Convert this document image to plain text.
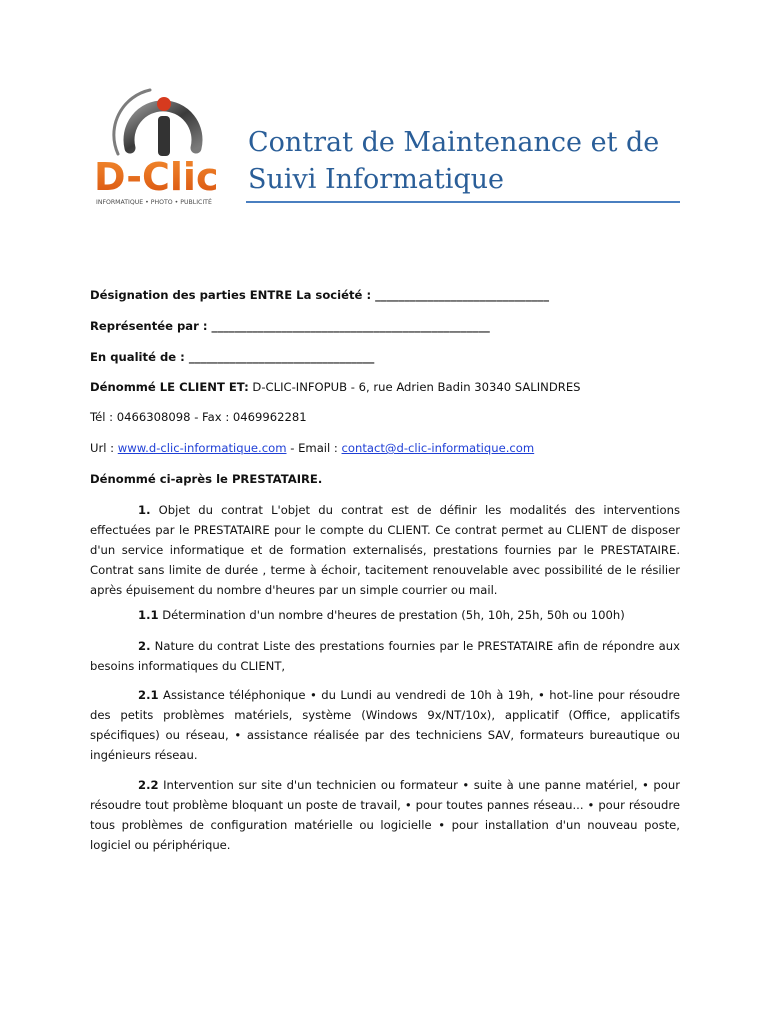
D-Clic
INFORMATIQUE • PHOTO • PUBLICITÉ
Contrat de Maintenance et de
Suivi Informatique
Désignation des parties ENTRE La société : ______________________________
Représentée par : ________________________________________________
En qualité de : ________________________________
Dénommé LE CLIENT ET: D-CLIC-INFOPUB - 6, rue Adrien Badin 30340 SALINDRES
Tél : 0466308098 - Fax : 0469962281
Url : www.d-clic-informatique.com - Email : contact@d-clic-informatique.com
Dénommé ci-après le PRESTATAIRE.
1. Objet du contrat L'objet du contrat est de définir les modalités des interventions effectuées par le PRESTATAIRE pour le compte du CLIENT. Ce contrat permet au CLIENT de disposer d'un service informatique et de formation externalisés, prestations fournies par le PRESTATAIRE. Contrat sans limite de durée , terme à échoir, tacitement renouvelable avec possibilité de le résilier après épuisement du nombre d'heures par un simple courrier ou mail.
1.1 Détermination d'un nombre d'heures de prestation (5h, 10h, 25h, 50h ou 100h)
2. Nature du contrat Liste des prestations fournies par le PRESTATAIRE afin de répondre aux besoins informatiques du CLIENT,
2.1 Assistance téléphonique • du Lundi au vendredi de 10h à 19h, • hot-line pour résoudre des petits problèmes matériels, système (Windows 9x/NT/10x), applicatif (Office, applicatifs spécifiques) ou réseau, • assistance réalisée par des techniciens SAV, formateurs bureautique ou ingénieurs réseau.
2.2 Intervention sur site d'un technicien ou formateur • suite à une panne matériel, • pour résoudre tout problème bloquant un poste de travail, • pour toutes pannes réseau... • pour résoudre tous problèmes de configuration matérielle ou logicielle • pour installation d'un nouveau poste, logiciel ou périphérique.
